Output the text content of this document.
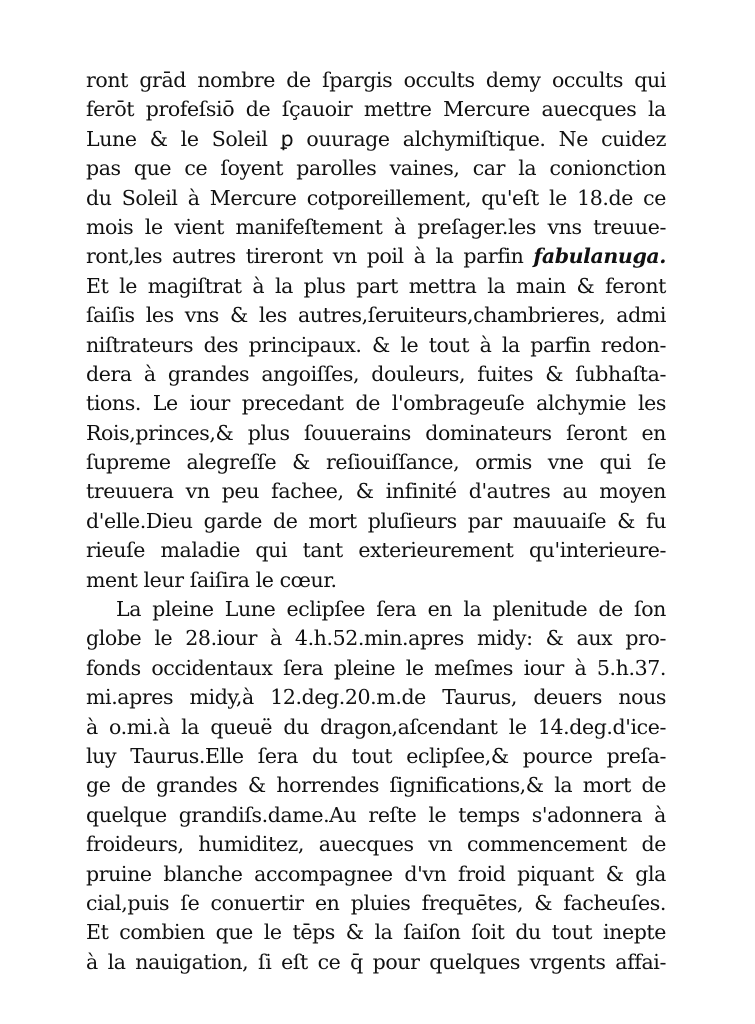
ront grād nombre de ſpargis occults demy occults qui
ferōt profeſsiō de ſçauoir mettre Mercure auecques la
Lune & le Soleil ꝑ ouurage alchymiſtique. Ne cuidez
pas que ce ſoyent parolles vaines, car la conionction
du Soleil à Mercure cotporeillement, qu'eſt le 18.de ce
mois le vient manifeſtement à preſager.les vns treuue-
ront,les autres tireront vn poil à la parfin fabulanuga.
Et le magiſtrat à la plus part mettra la main & feront
ſaiſis les vns & les autres,ſeruiteurs,chambrieres, admi
niſtrateurs des principaux. & le tout à la parfin redon-
dera à grandes angoiſſes, douleurs, fuites & ſubhaſta-
tions. Le iour precedant de l'ombrageuſe alchymie les
Rois,princes,& plus ſouuerains dominateurs ſeront en
ſupreme alegreſſe & reſiouiſſance, ormis vne qui ſe
treuuera vn peu fachee, & infinité d'autres au moyen
d'elle.Dieu garde de mort pluſieurs par mauuaiſe & fu
rieuſe maladie qui tant exterieurement qu'interieure-
ment leur ſaiſira le cœur.
La pleine Lune eclipſee ſera en la plenitude de ſon
globe le 28.iour à 4.h.52.min.apres midy: & aux pro-
fonds occidentaux ſera pleine le meſmes iour à 5.h.37.
mi.apres midy,à 12.deg.20.m.de Taurus, deuers nous
à o.mi.à la queuë du dragon,aſcendant le 14.deg.d'ice-
luy Taurus.Elle ſera du tout eclipſee,& pource preſa-
ge de grandes & horrendes ſignifications,& la mort de
quelque grandiſs.dame.Au reſte le temps s'adonnera à
froideurs, humiditez, auecques vn commencement de
pruine blanche accompagnee d'vn froid piquant & gla
cial,puis ſe conuertir en pluies frequētes, & facheuſes.
Et combien que le tēps & la ſaiſon ſoit du tout inepte
à la nauigation, ſi eſt ce q̄ pour quelques vrgents affai-
